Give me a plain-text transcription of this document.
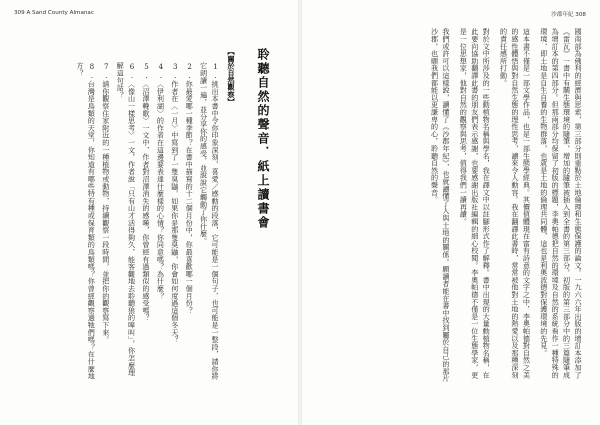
沙郡年紀 308

國南部為佛利的經濟與思索，第三部分則重點於土地倫理和生態保護的論文。一九六六年出版的增訂本添加了《雷瓦》一書中有關生態環境的隨筆，增加的隨筆被插入到全書的第三部分，初版的第三部分中的三篇隨筆成為增訂本的第四部分。但那兩部分均保留了初版的標題，李奧帕德把自然的環境及自然的系統看作一種特殊的環境，即土地是自生自養的生物群落，也就是土地的倫理共同體，這也是利奧波德對保護環境的先見。

這本書不僅是一部文學作品，也是一部生態學經典。其價值體現在富有詩意的文字之中，李奧帕德對自然之美的感性體悟與對自然生態的理性思考，讀來令人動容。我在翻譯此書時，常常被他對土地的熱愛以及那種深刻的責任感所打動。

對於文中所涉及的一些動植物名稱與學名，我在譯文中以註腳形式作了解釋。書中出現的大量動植物名稱，在此要向協助翻譯此書的朋友們表示感謝，也要感謝出版社編輯的細心校閱。李奧帕德不僅是一位生態學家，更是一位思想家，他對自然的觀察與思考，值得我們一讀再讀。

我們或許可以這樣說，讀懂了《沙郡年紀》，也就讀懂了人與土地的關係。願讀者能在書中找到屬於自己的那片沙郡，也願我們都能以更謙卑的心，聆聽自然的聲音。

309 A Sand County Almanac
聆聽自然的聲音．紙上讀書會
【關於自然觀察】

1.挑出本書中令你印象深刻、喜愛／感動的段落，它可能是一個句子、也可能是一整段，請你將它朗讀一遍，並分享你的感受，並說說它觸動了你什麼。

2.你最愛哪一種季節？在書中描寫的十二個月份中，你最喜歡哪一個月份？

3.作者在〈一月〉中寫到了一隻臭鼬，如果你是那隻臭鼬，你會如何度過這個冬天？

4.〈伊利湖〉的作者在這邊要表達什麼樣的心情？你同意嗎？為什麼？

5.〈沼澤輓歌〉一文中，作者對沼澤消失的感嘆，你曾經有過類似的感受嗎？

6.〈像山一樣思考〉一文，作者說「只有山才活得夠久，能客觀地去聆聽狼的嗥叫」，你怎麼理解這句話？

7.請你觀察住家附近的一種植物或動物，持續觀察一段時間，並把你的觀察寫下來。

8.台灣是鳥類的天堂，你知道有哪些特有種或保育類的鳥類嗎？你曾經觀察過牠們嗎？在什麼地方？
